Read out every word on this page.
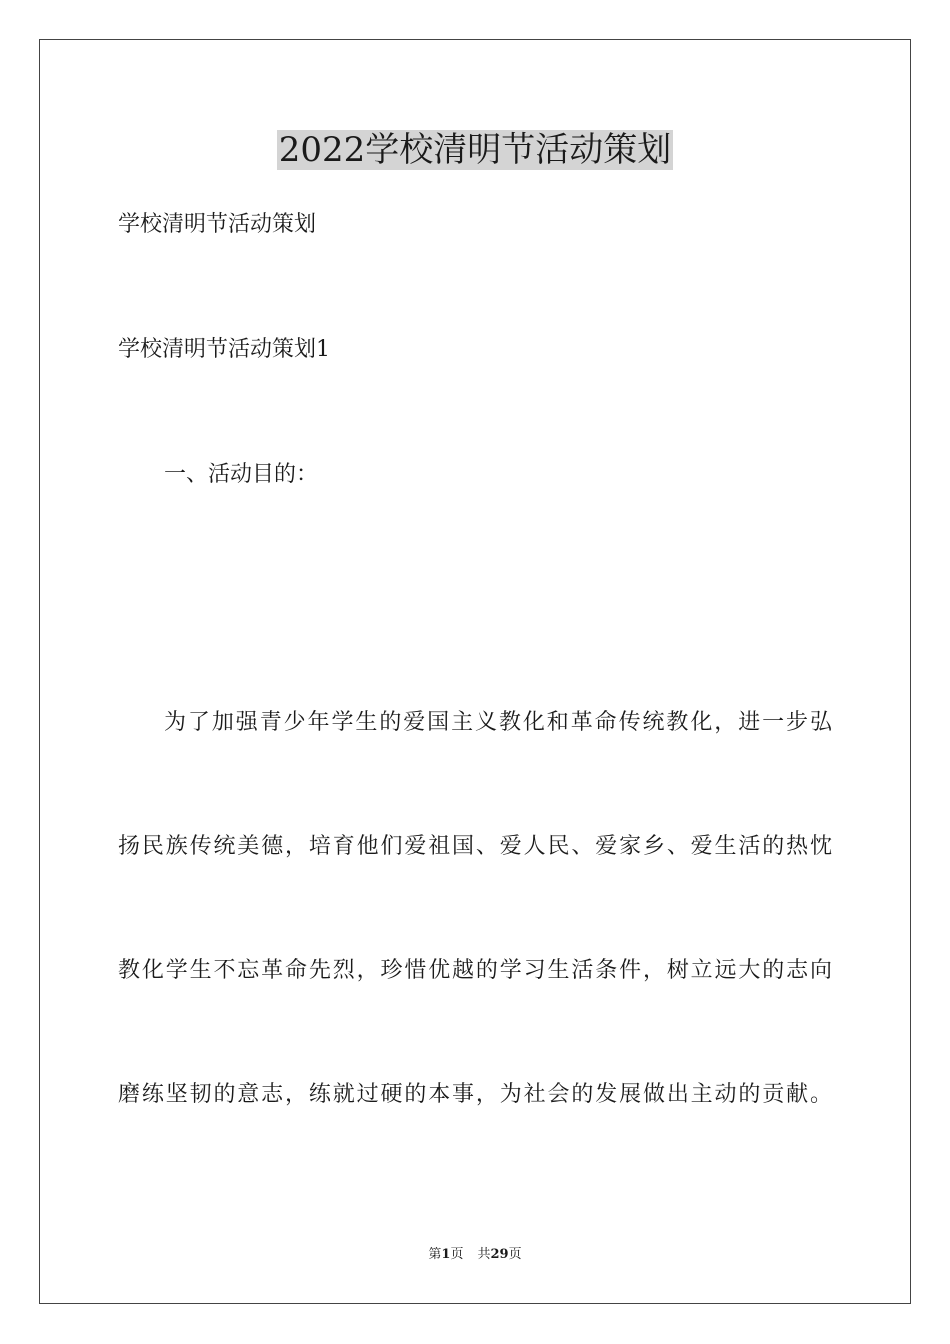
2022学校清明节活动策划

学校清明节活动策划

学校清明节活动策划1

一、活动目的：

为了加强青少年学生的爱国主义教化和革命传统教化，进一步弘

扬民族传统美德，培育他们爱祖国、爱人民、爱家乡、爱生活的热忱

教化学生不忘革命先烈，珍惜优越的学习生活条件，树立远大的志向

磨练坚韧的意志，练就过硬的本事，为社会的发展做出主动的贡献。

第1页 共29页
